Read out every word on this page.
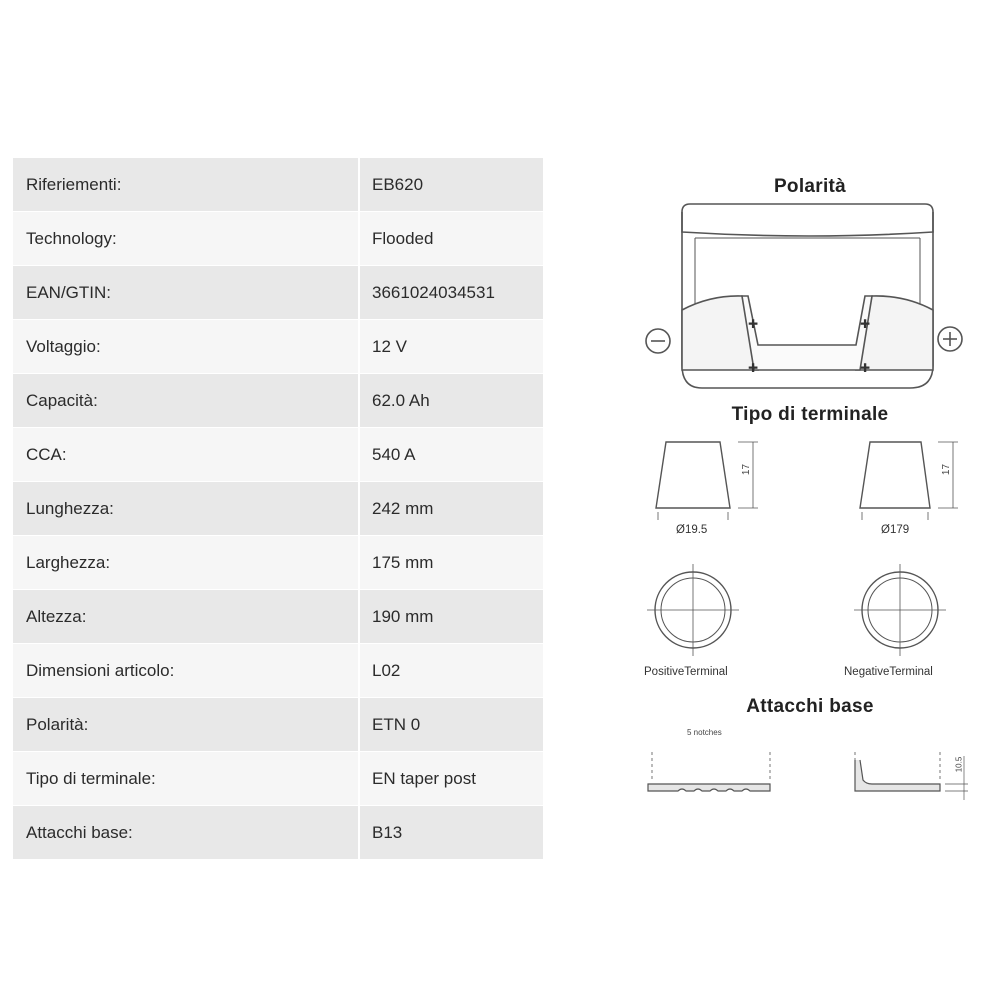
Riferiementi:	EB620
Technology:	Flooded
EAN/GTIN:	3661024034531
Voltaggio:	12 V
Capacità:	62.0 Ah
CCA:	540 A
Lunghezza:	242 mm
Larghezza:	175 mm
Altezza:	190 mm
Dimensioni articolo:	L02
Polarità:	ETN 0
Tipo di terminale:	EN taper post
Attacchi base:	B13
Polarità
✚
✚
✚
✚
Tipo di terminale
17	17
Ø19.5	Ø179
PositiveTerminal	NegativeTerminal
Attacchi base
5 notches
10.5
